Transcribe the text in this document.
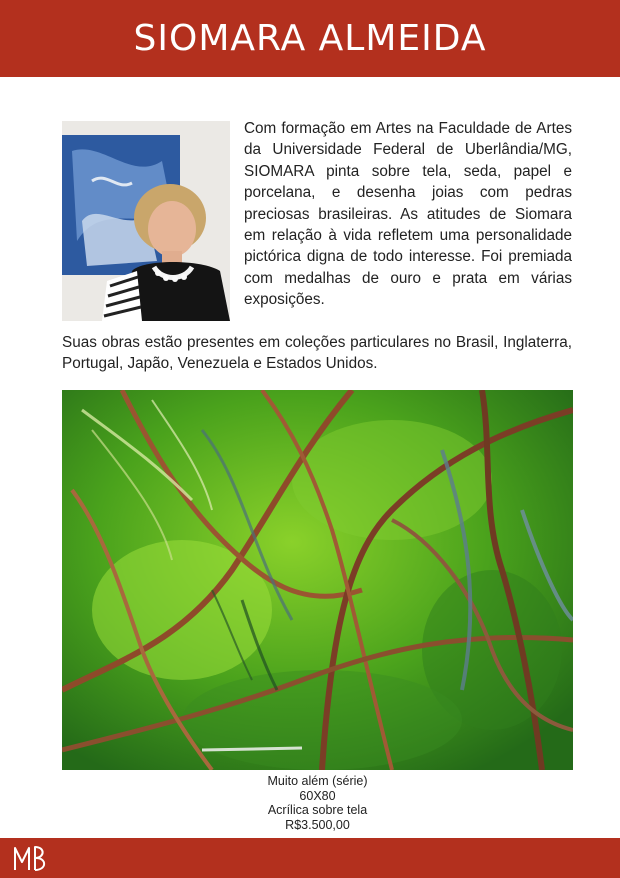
SIOMARA ALMEIDA

Com formação em Artes na Faculdade de Artes da Universidade Federal de Uberlândia/MG, SIOMARA pinta sobre tela, seda, papel e porcelana, e desenha joias com pedras preciosas brasileiras. As atitudes de Siomara em relação à vida refletem uma personalidade pictórica digna de todo interesse. Foi premiada com medalhas de ouro e prata em várias exposições.

Suas obras estão presentes em coleções particulares no Brasil, Inglaterra, Portugal, Japão, Venezuela e Estados Unidos.

Muito além (série)
60X80
Acrílica sobre tela
R$3.500,00
